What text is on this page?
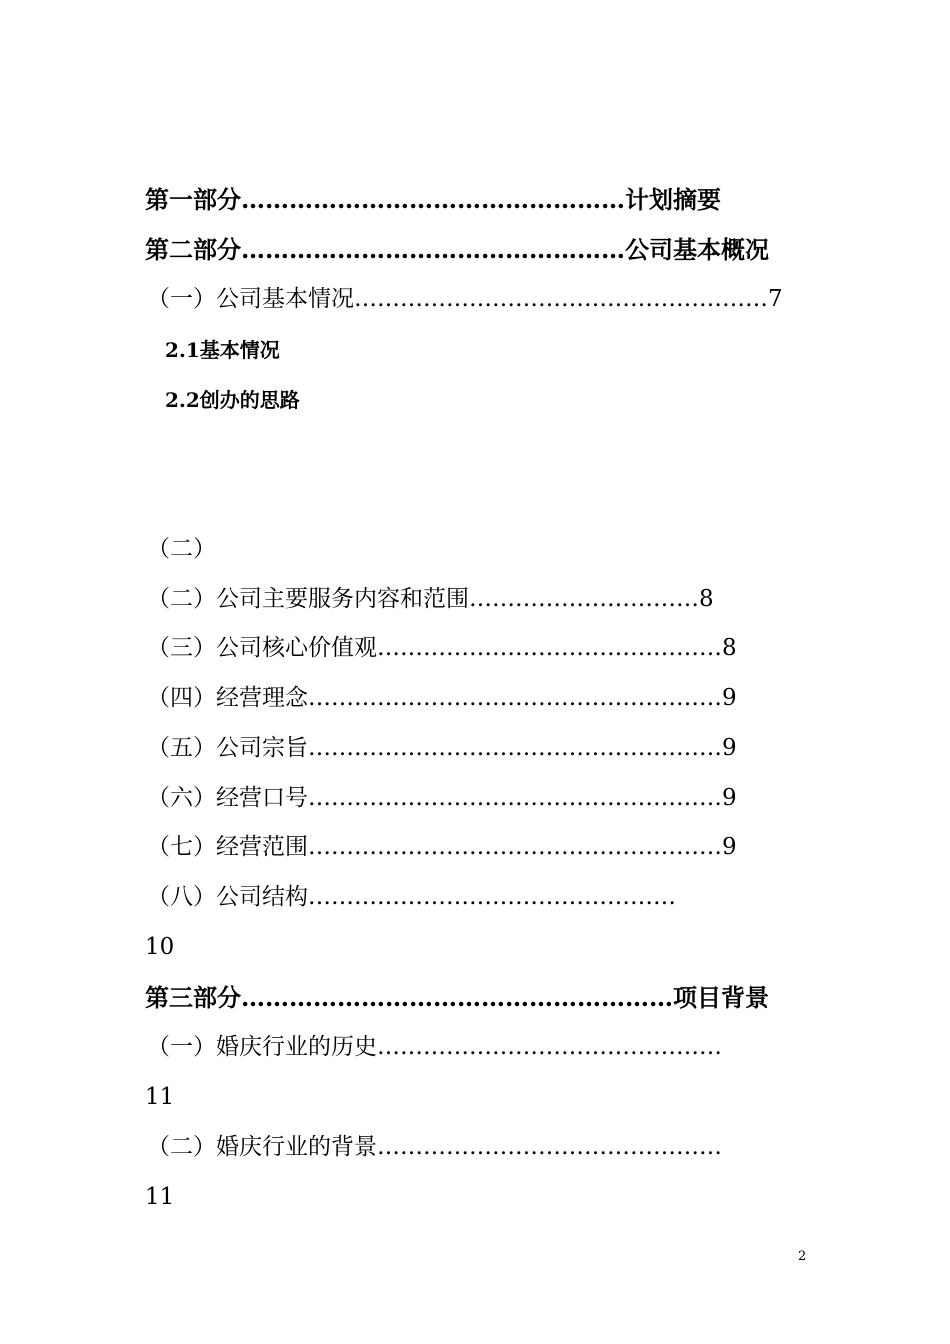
第一部分…………………………………………计划摘要
第二部分…………………………………………公司基本概况
（一）公司基本情况………………………………………………7
2.1基本情况
2.2创办的思路
（二）
（二）公司主要服务内容和范围…………………………8
（三）公司核心价值观………………………………………8
（四）经营理念………………………………………………9
（五）公司宗旨………………………………………………9
（六）经营口号………………………………………………9
（七）经营范围………………………………………………9
（八）公司结构…………………………………………
10
第三部分………………………………………………项目背景
（一）婚庆行业的历史………………………………………
11
（二）婚庆行业的背景………………………………………
11
2
